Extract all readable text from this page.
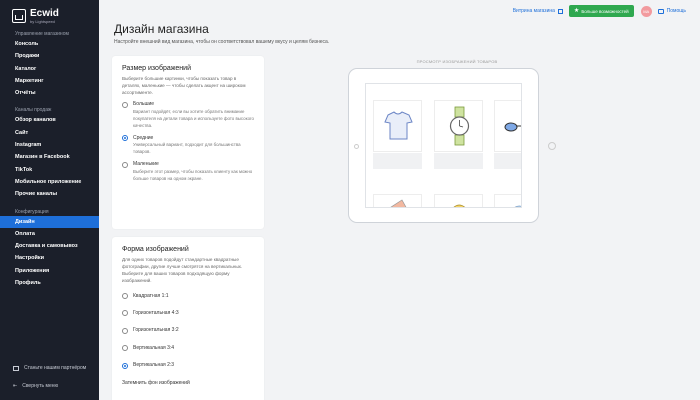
Ecwid
by Lightspeed
Управление магазином
Консоль
Продажи
Каталог
Маркетинг
Отчёты
Каналы продаж
Обзор каналов
Сайт
Instagram
Магазин в Facebook
TikTok
Мобильное приложение
Прочие каналы
Конфигурация
Дизайн
Оплата
Доставка и самовывоз
Настройки
Приложения
Профиль
Станьте нашим партнёром
⇤ Свернуть меню
Витрина магазина	★ Больше возможностей	MA	Помощь
Дизайн магазина
Настройте внешний вид магазина, чтобы он соответствовал вашему вкусу и целям бизнеса.
Размер изображений
Выберите большие картинки, чтобы показать товар в деталях, маленькие — чтобы сделать акцент на широком ассортименте.
Большие
Вариант подойдёт, если вы хотите обратить внимание покупателя на детали товара и используете фото высокого качества.
Средние
Универсальный вариант, подходит для большинства товаров.
Маленькие
Выберите этот размер, чтобы показать клиенту как можно больше товаров на одном экране.
Форма изображений
Для одних товаров подойдут стандартные квадратные фотографии, другие лучше смотрятся на вертикальных. Выберите для ваших товаров подходящую форму изображений.
Квадратная 1:1
Горизонтальная 4:3
Горизонтальная 3:2
Вертикальная 3:4
Вертикальная 2:3
Затемнить фон изображений
ПРОСМОТР ИЗОБРАЖЕНИЙ ТОВАРОВ
